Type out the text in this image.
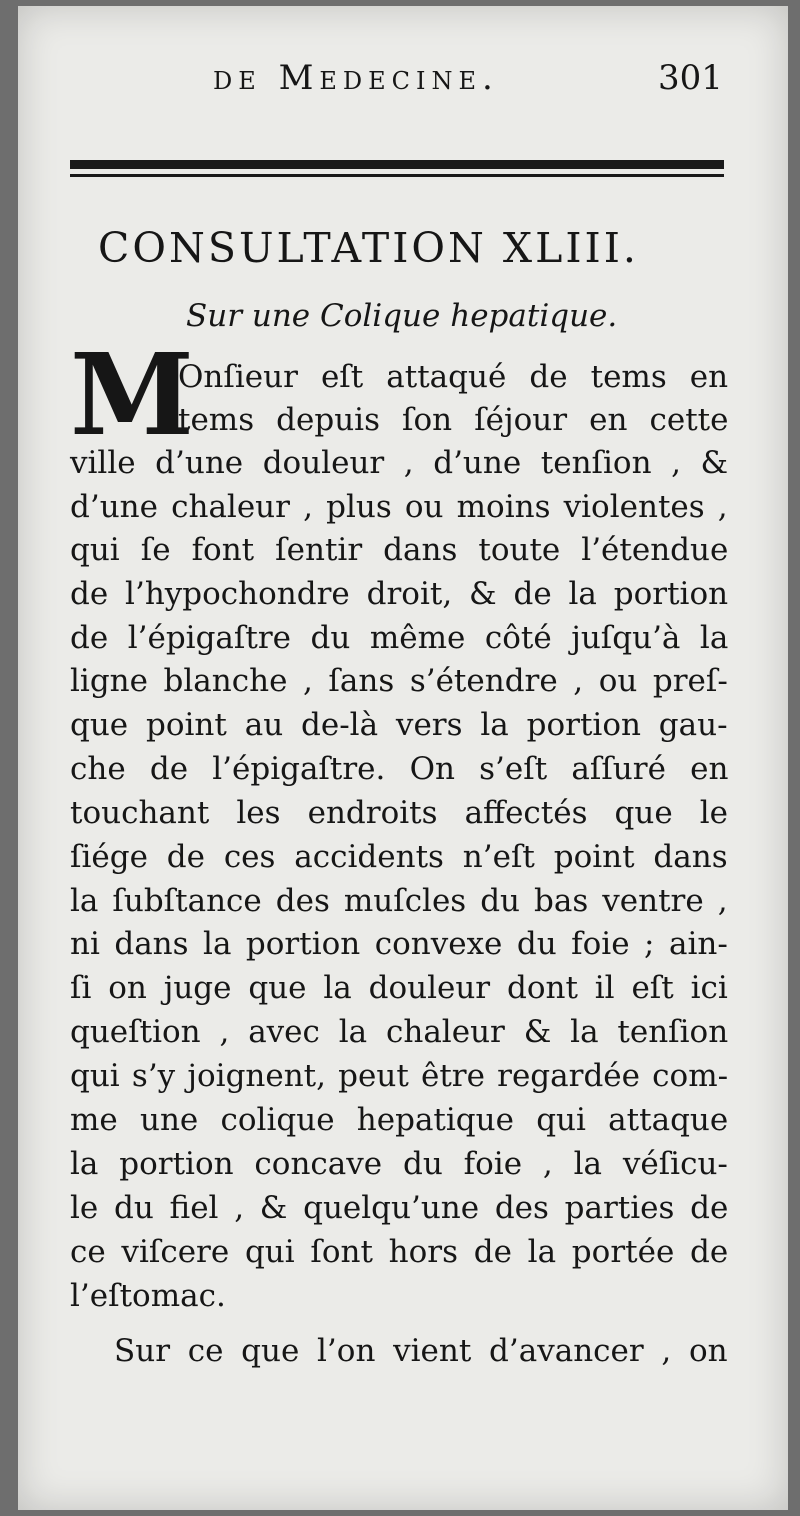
de Medecine.	301
CONSULTATION XLIII.
Sur une Colique hepatique.
M
Onſieur eſt attaqué de tems en
tems depuis ſon ſéjour en cette
ville d’une douleur , d’une tenſion , &
d’une chaleur , plus ou moins violentes ,
qui ſe font ſentir dans toute l’étendue
de l’hypochondre droit, & de la portion
de l’épigaſtre du même côté juſqu’à la
ligne blanche , ſans s’étendre , ou preſ-
que point au de-là vers la portion gau-
che de l’épigaſtre. On s’eſt aſſuré en
touchant les endroits affectés que le
ſiége de ces accidents n’eſt point dans
la ſubſtance des muſcles du bas ventre ,
ni dans la portion convexe du foie ; ain-
ſi on juge que la douleur dont il eſt ici
queſtion , avec la chaleur & la tenſion
qui s’y joignent, peut être regardée com-
me une colique hepatique qui attaque
la portion concave du foie , la véſicu-
le du fiel , & quelqu’une des parties de
ce viſcere qui ſont hors de la portée de
l’eſtomac.
Sur ce que l’on vient d’avancer , on
